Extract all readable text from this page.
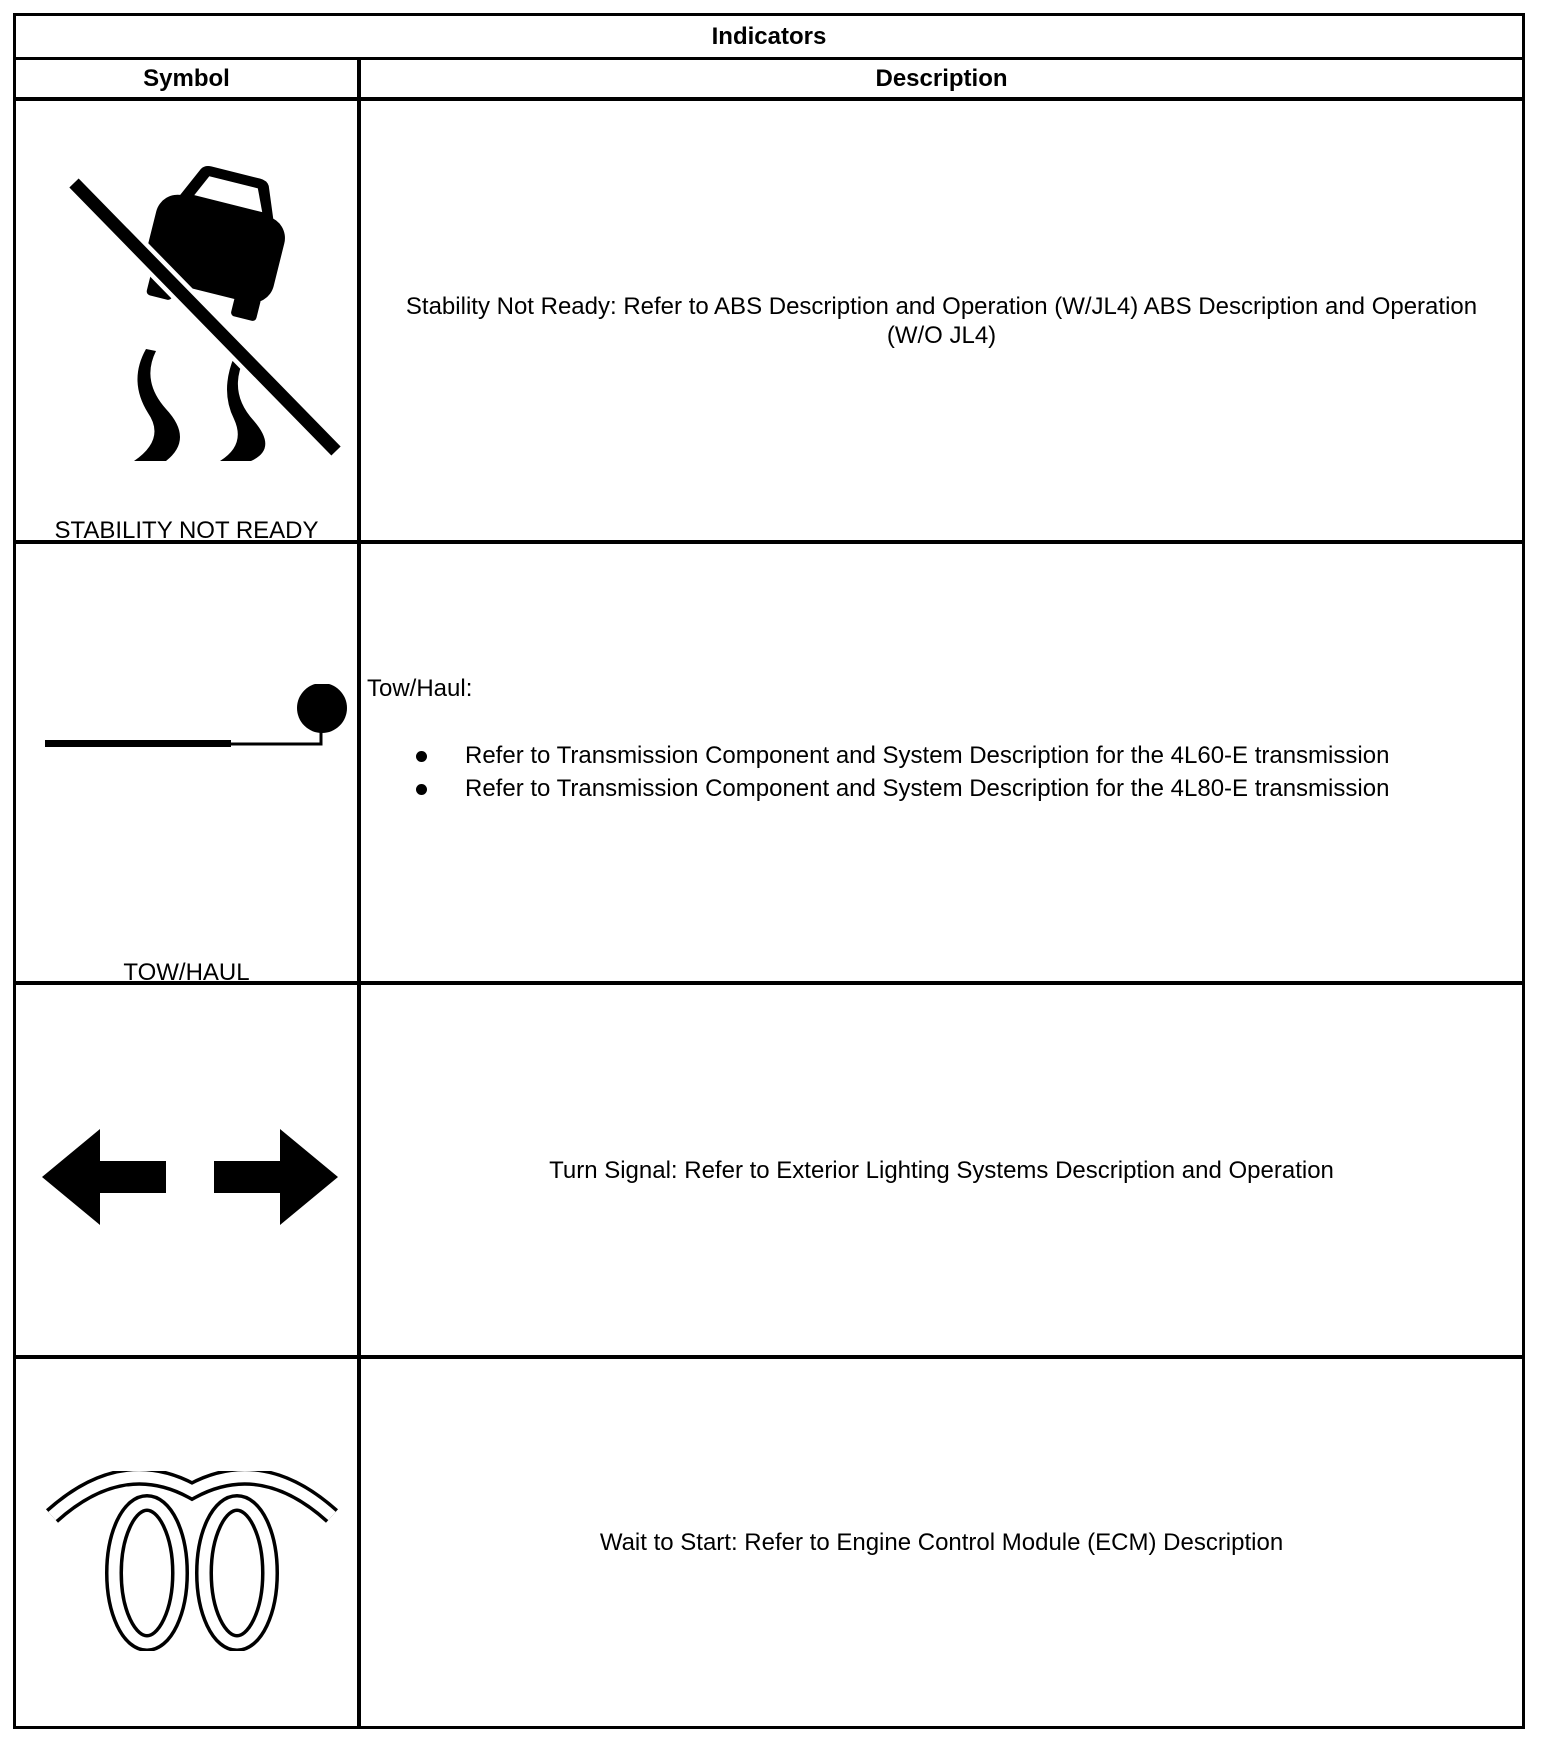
Indicators
Symbol	Description
STABILITY NOT READY
Stability Not Ready: Refer to ABS Description and Operation (W/JL4) ABS Description and Operation (W/O JL4)
TOW/HAUL
Tow/Haul:
Refer to Transmission Component and System Description for the 4L60-E transmission
Refer to Transmission Component and System Description for the 4L80-E transmission
Turn Signal: Refer to Exterior Lighting Systems Description and Operation
Wait to Start: Refer to Engine Control Module (ECM) Description
